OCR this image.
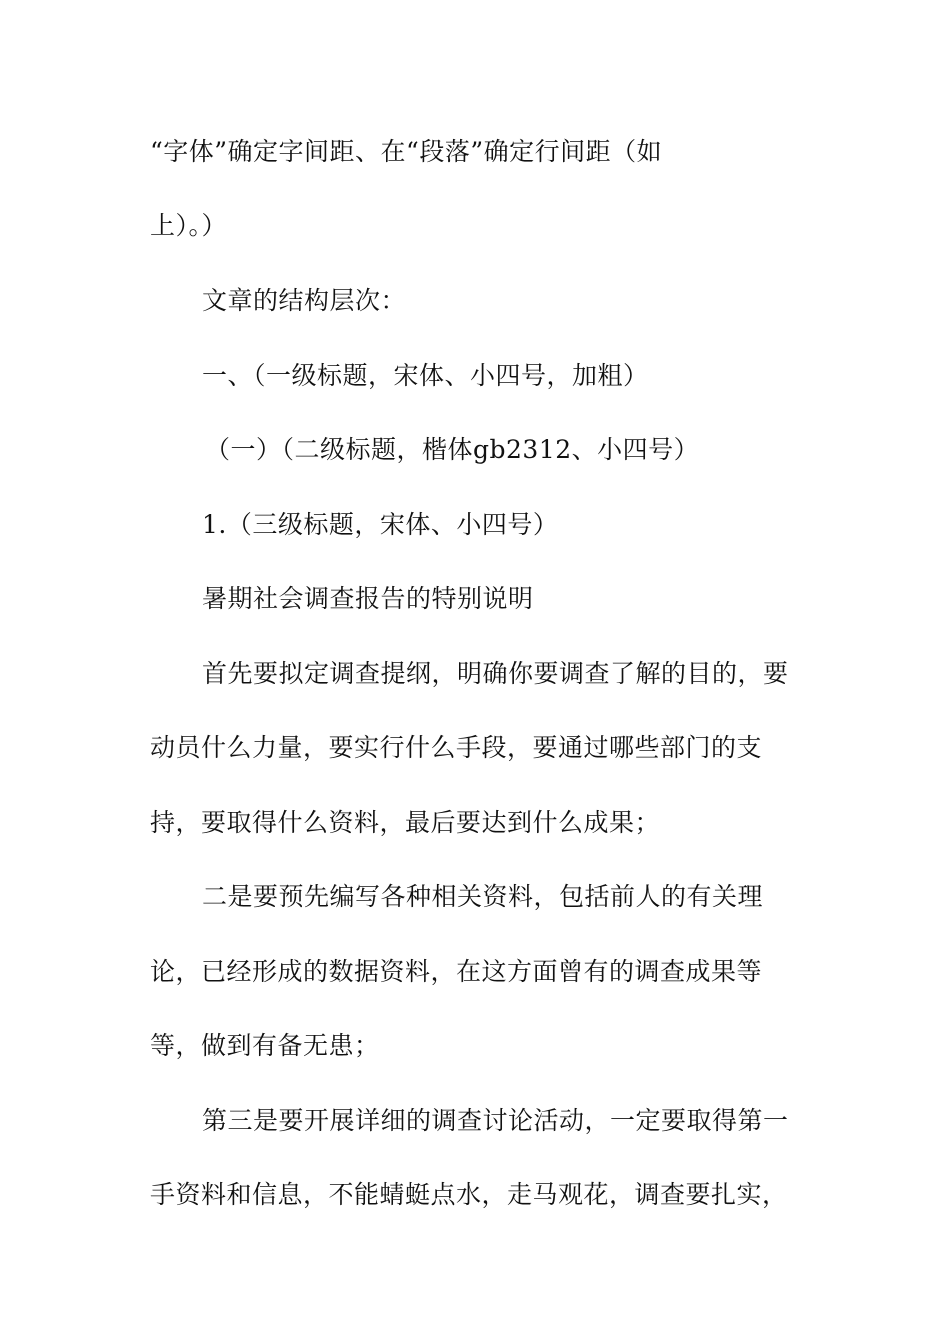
“字体”确定字间距、在“段落”确定行间距（如
上）。）
文章的结构层次：
一、（一级标题，宋体、小四号，加粗）
（一）（二级标题，楷体gb2312、小四号）
1.（三级标题，宋体、小四号）
暑期社会调查报告的特别说明
首先要拟定调查提纲，明确你要调查了解的目的，要
动员什么力量，要实行什么手段，要通过哪些部门的支
持，要取得什么资料，最后要达到什么成果；
二是要预先编写各种相关资料，包括前人的有关理
论，已经形成的数据资料，在这方面曾有的调查成果等
等，做到有备无患；
第三是要开展详细的调查讨论活动，一定要取得第一
手资料和信息，不能蜻蜓点水，走马观花，调查要扎实，
